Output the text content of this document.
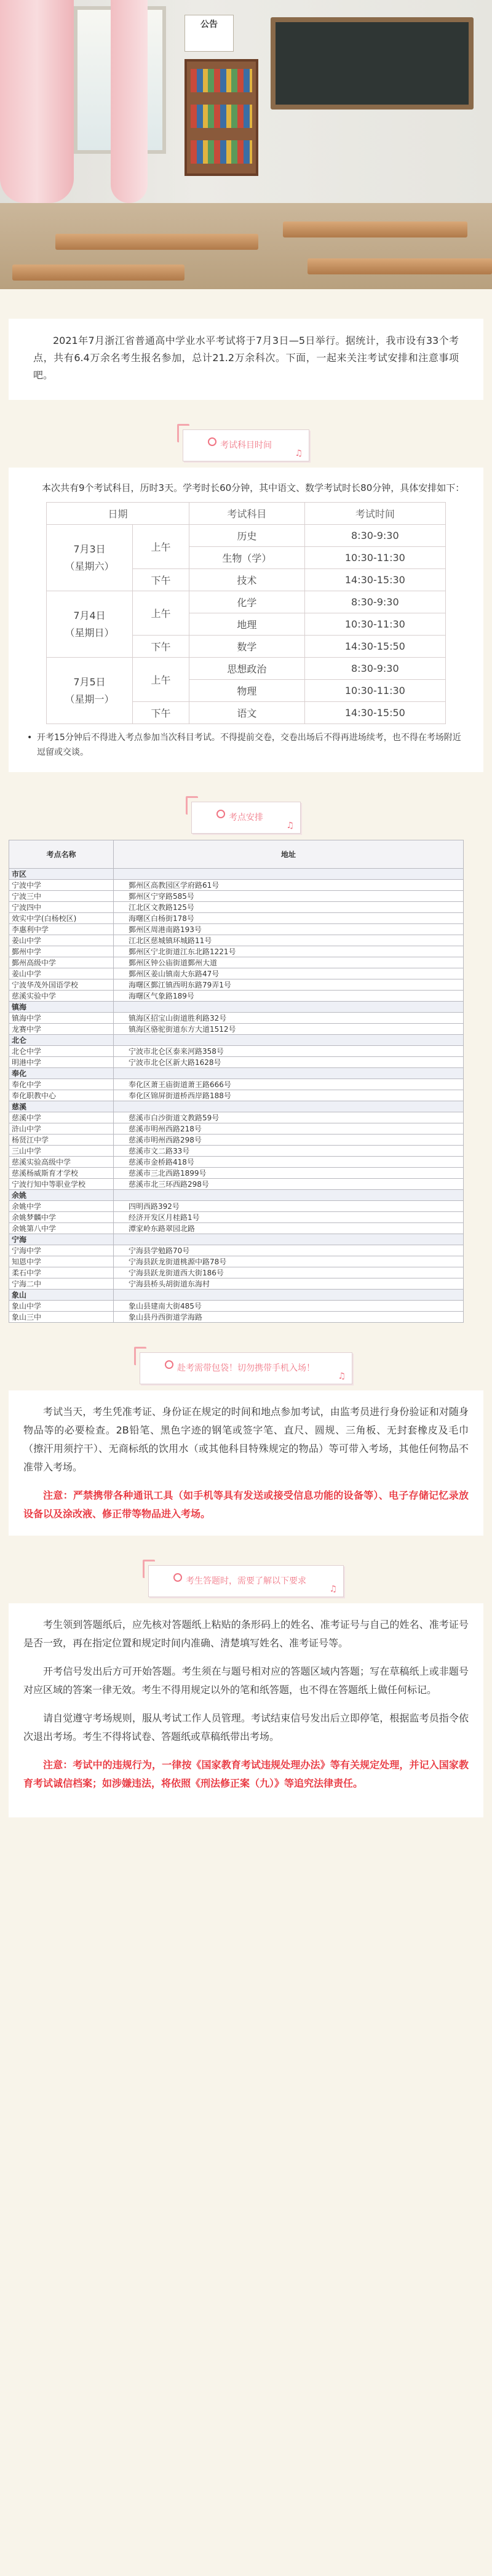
公告

2021年7月浙江省普通高中学业水平考试将于7月3日—5日举行。据统计，我市设有33个考点，共有6.4万余名考生报名参加，总计21.2万余科次。下面，一起来关注考试安排和注意事项吧。

考试科目时间
♫

本次共有9个考试科目，历时3天。学考时长60分钟，其中语文、数学考试时长80分钟，具体安排如下：

日期		考试科目	考试时间

7月3日
（星期六）	上午	历史	8:30-9:30
		生物（学）	10:30-11:30
	下午	技术	14:30-15:30

7月4日
（星期日）	上午	化学	8:30-9:30
		地理	10:30-11:30
	下午	数学	14:30-15:50

7月5日
（星期一）	上午	思想政治	8:30-9:30
		物理	10:30-11:30
	下午	语文	14:30-15:50
• 开考15分钟后不得进入考点参加当次科目考试。不得提前交卷，交卷出场后不得再进场续考，也不得在考场附近逗留或交谈。
考点安排
♫
考点名称	地址
市区	
宁波中学	鄞州区高教园区学府路61号
宁波三中	鄞州区宁穿路585号
宁波四中	江北区文教路125号
效实中学(白杨校区)	海曙区白杨街178号
李惠利中学	鄞州区周港南路193号
姜山中学	江北区慈城镇环城路11号
鄞州中学	鄞州区宁北街道江东北路1221号
鄞州高级中学	鄞州区钟公庙街道鄞州大道
姜山中学	鄞州区姜山镇南大东路47号
宁波华茂外国语学校	海曙区鄞江镇西明东路79弄1号
慈溪实验中学	海曙区气象路189号
镇海	
镇海中学	镇海区招宝山街道胜利路32号
龙赛中学	镇海区骆驼街道东方大道1512号
北仑	
北仑中学	宁波市北仑区泰来河路358号
明港中学	宁波市北仑区新大路1628号
奉化	
奉化中学	奉化区萧王庙街道萧王路666号
奉化职教中心	奉化区锦屏街道桥西岸路188号
慈溪	
慈溪中学	慈溪市白沙街道文教路59号
浒山中学	慈溪市明州西路218号
杨贤江中学	慈溪市明州西路298号
三山中学	慈溪市文二路33号
慈溪实验高级中学	慈溪市金桥路418号
慈溪杨威斯育才学校	慈溪市三北西路1899号
宁波行知中等职业学校	慈溪市北三环西路298号
余姚	
余姚中学	四明西路392号
余姚梦麟中学	经济开发区月桂路1号
余姚第八中学	潭家岭东路翠园北路
宁海	
宁海中学	宁海县学勉路70号
知恩中学	宁海县跃龙街道桃源中路78号
柔石中学	宁海县跃龙街道西大街186号
宁海二中	宁海县桥头胡街道东海村
象山	
象山中学	象山县建南大街485号
象山三中	象山县丹西街道学海路
赴考需带包袋！切勿携带手机入场！
♫

考试当天，考生凭准考证、身份证在规定的时间和地点参加考试，由监考员进行身份验证和对随身物品等的必要检查。2B铅笔、黑色字迹的钢笔或签字笔、直尺、圆规、三角板、无封套橡皮及毛巾（擦汗用须拧干）、无商标纸的饮用水（或其他科目特殊规定的物品）等可带入考场，其他任何物品不准带入考场。

注意：严禁携带各种通讯工具（如手机等具有发送或接受信息功能的设备等）、电子存储记忆录放设备以及涂改液、修正带等物品进入考场。

考生答题时，需要了解以下要求
♫

考生领到答题纸后，应先核对答题纸上粘贴的条形码上的姓名、准考证号与自己的姓名、准考证号是否一致，再在指定位置和规定时间内准确、清楚填写姓名、准考证号等。

开考信号发出后方可开始答题。考生须在与题号相对应的答题区域内答题；写在草稿纸上或非题号对应区域的答案一律无效。考生不得用规定以外的笔和纸答题，也不得在答题纸上做任何标记。

请自觉遵守考场规则，服从考试工作人员管理。考试结束信号发出后立即停笔，根据监考员指令依次退出考场。考生不得将试卷、答题纸或草稿纸带出考场。

注意：考试中的违规行为，一律按《国家教育考试违规处理办法》等有关规定处理，并记入国家教育考试诚信档案；如涉嫌违法，将依照《刑法修正案（九）》等追究法律责任。
